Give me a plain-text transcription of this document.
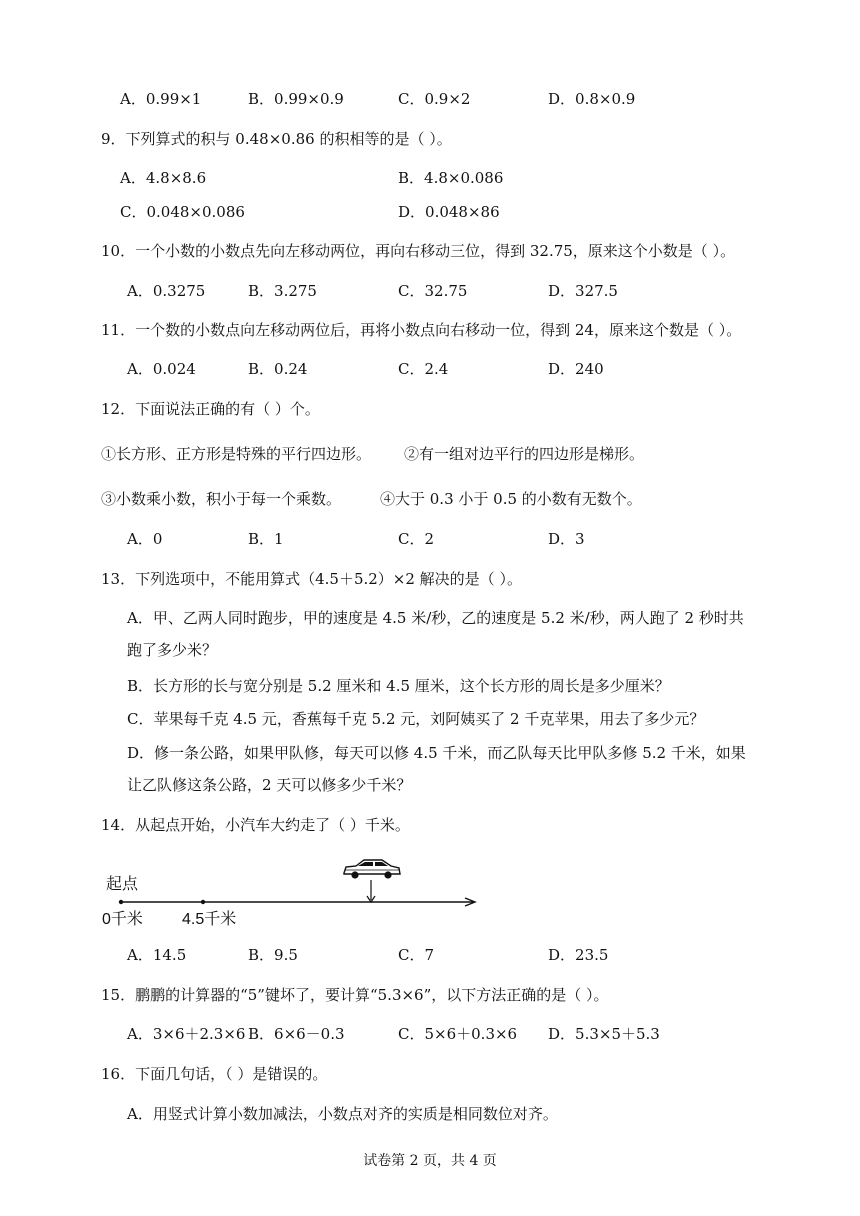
A．0.99×1	B．0.99×0.9	C．0.9×2	D．0.8×0.9
9．下列算式的积与 0.48×0.86 的积相等的是（ ）。
A．4.8×8.6	B．4.8×0.086
C．0.048×0.086	D．0.048×86
10．一个小数的小数点先向左移动两位，再向右移动三位，得到 32.75，原来这个小数是（ ）。
A．0.3275	B．3.275	C．32.75	D．327.5
11．一个数的小数点向左移动两位后，再将小数点向右移动一位，得到 24，原来这个数是（ ）。
A．0.024	B．0.24	C．2.4	D．240
12．下面说法正确的有（ ）个。
①长方形、正方形是特殊的平行四边形。 ②有一组对边平行的四边形是梯形。
③小数乘小数，积小于每一个乘数。	④大于 0.3 小于 0.5 的小数有无数个。
A．0	B．1	C．2	D．3
13．下列选项中，不能用算式（4.5＋5.2）×2 解决的是（ ）。
A．甲、乙两人同时跑步，甲的速度是 4.5 米/秒，乙的速度是 5.2 米/秒，两人跑了 2 秒时共
跑了多少米？
B．长方形的长与宽分别是 5.2 厘米和 4.5 厘米，这个长方形的周长是多少厘米？
C．苹果每千克 4.5 元，香蕉每千克 5.2 元，刘阿姨买了 2 千克苹果，用去了多少元？
D．修一条公路，如果甲队修，每天可以修 4.5 千米，而乙队每天比甲队多修 5.2 千米，如果
让乙队修这条公路，2 天可以修多少千米？
14．从起点开始，小汽车大约走了（ ）千米。
起点
0千米 4.5千米
A．14.5	B．9.5	C．7	D．23.5
15．鹏鹏的计算器的“5”键坏了，要计算“5.3×6”，以下方法正确的是（ ）。
A．3×6＋2.3×6 B．6×6－0.3	C．5×6＋0.3×6 D．5.3×5＋5.3
16．下面几句话，（ ）是错误的。
A．用竖式计算小数加减法，小数点对齐的实质是相同数位对齐。
试卷第 2 页，共 4 页
